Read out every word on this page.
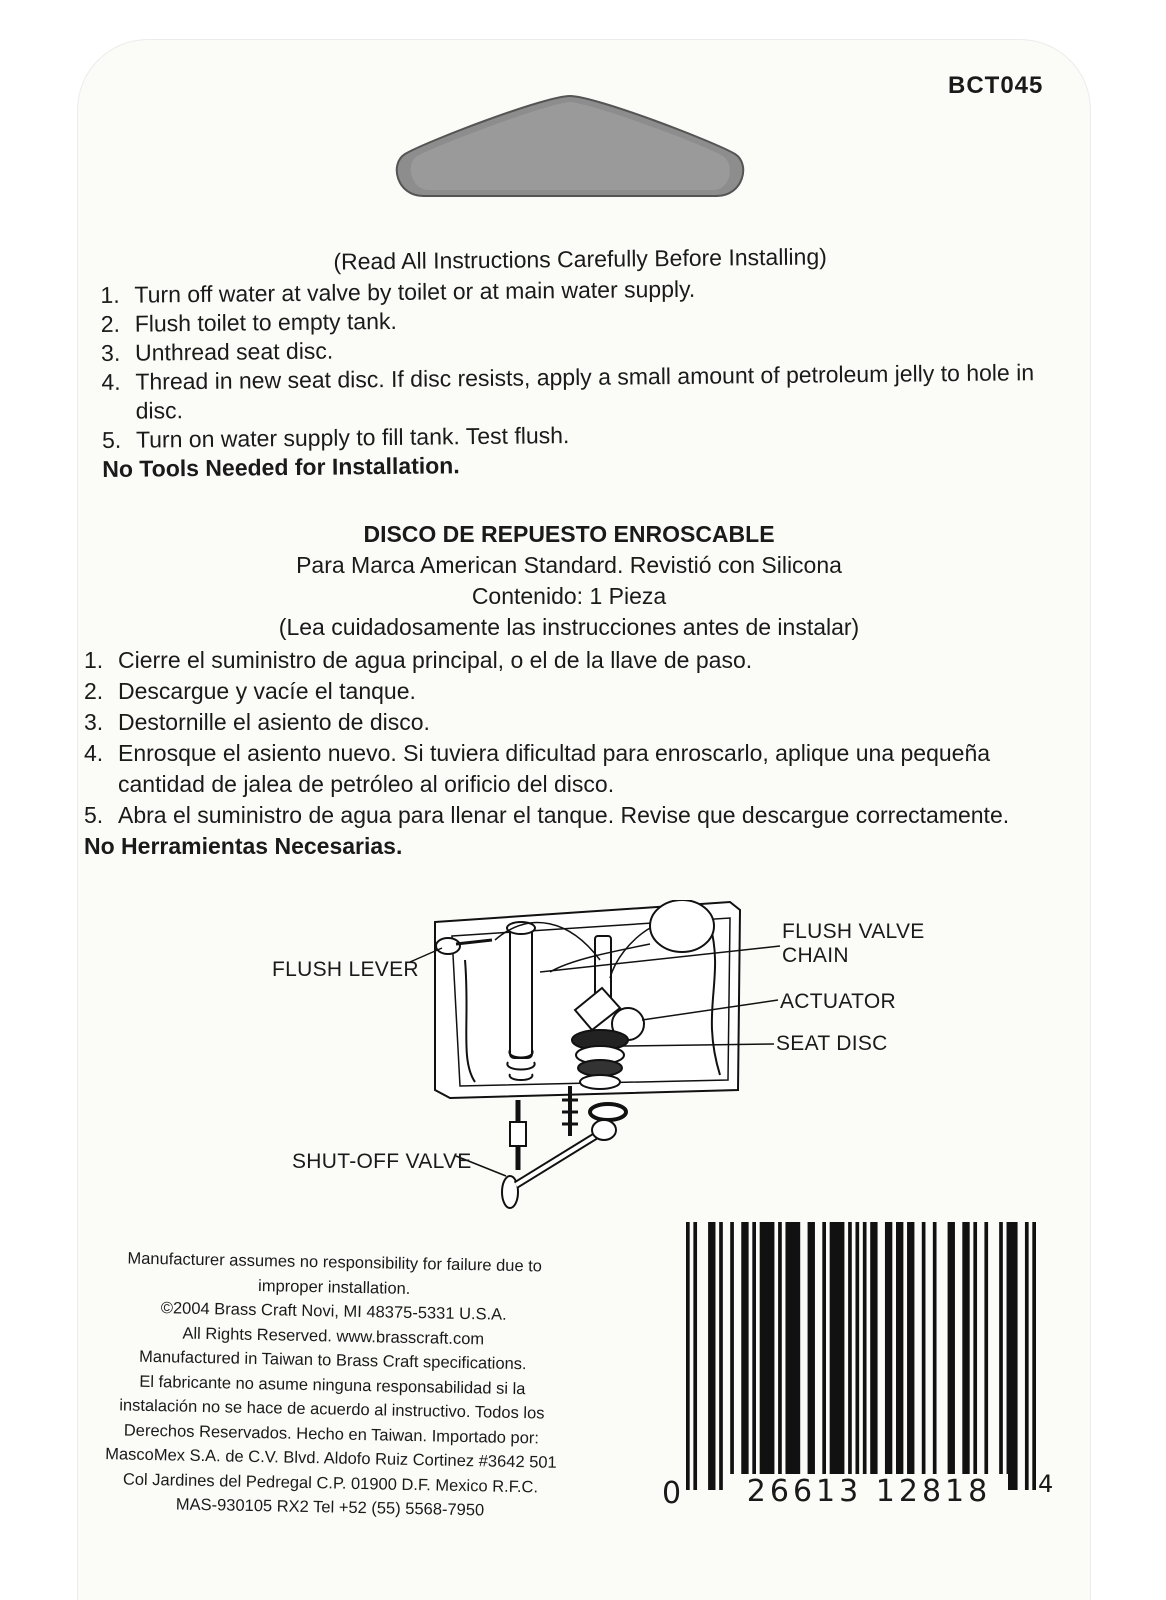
BCT045
(Read All Instructions Carefully Before Installing)
1. Turn off water at valve by toilet or at main water supply.
2. Flush toilet to empty tank.
3. Unthread seat disc.
4. Thread in new seat disc. If disc resists, apply a small amount of petroleum jelly to hole in disc.
5. Turn on water supply to fill tank. Test flush.
No Tools Needed for Installation.
DISCO DE REPUESTO ENROSCABLE
Para Marca American Standard. Revistió con Silicona
Contenido: 1 Pieza
(Lea cuidadosamente las instrucciones antes de instalar)
1. Cierre el suministro de agua principal, o el de la llave de paso.
2. Descargue y vacíe el tanque.
3. Destornille el asiento de disco.
4. Enrosque el asiento nuevo. Si tuviera dificultad para enroscarlo, aplique una pequeña cantidad de jalea de petróleo al orificio del disco.
5. Abra el suministro de agua para llenar el tanque. Revise que descargue correctamente.
No Herramientas Necesarias.
FLUSH LEVER
FLUSH VALVE
CHAIN
ACTUATOR
SEAT DISC
SHUT-OFF VALVE
Manufacturer assumes no responsibility for failure due to
improper installation.
©2004 Brass Craft Novi, MI 48375-5331 U.S.A.
All Rights Reserved. www.brasscraft.com
Manufactured in Taiwan to Brass Craft specifications.
El fabricante no asume ninguna responsabilidad si la
instalación no se hace de acuerdo al instructivo. Todos los
Derechos Reservados. Hecho en Taiwan. Importado por:
MascoMex S.A. de C.V. Blvd. Aldofo Ruiz Cortinez #3642 501
Col Jardines del Pedregal C.P. 01900 D.F. Mexico R.F.C.
MAS-930105 RX2 Tel +52 (55) 5568-7950	0	26613 12818	4
